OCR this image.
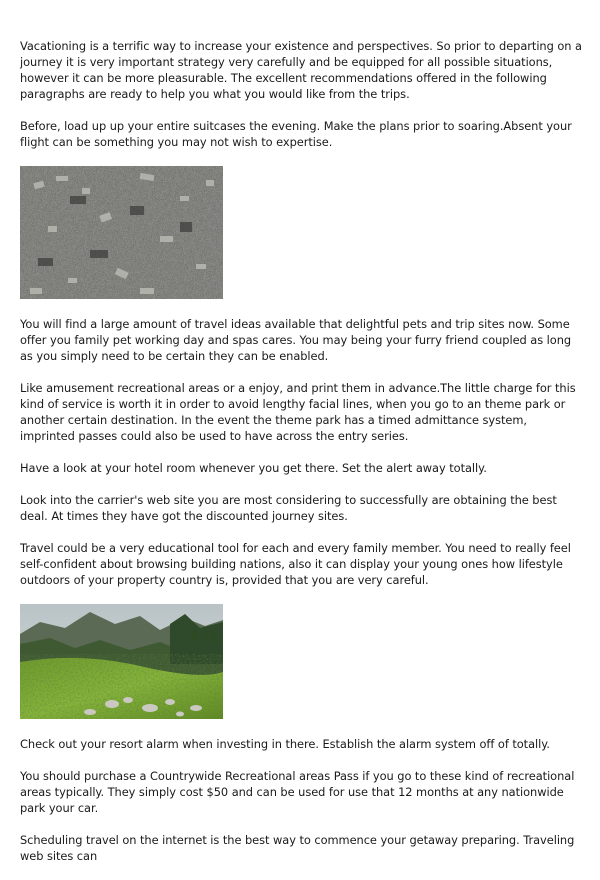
Vacationing is a terrific way to increase your existence and perspectives. So prior to departing on a journey it is very important strategy very carefully and be equipped for all possible situations, however it can be more pleasurable. The excellent recommendations offered in the following paragraphs are ready to help you what you would like from the trips.

Before, load up up your entire suitcases the evening. Make the plans prior to soaring.Absent your flight can be something you may not wish to expertise.

You will find a large amount of travel ideas available that delightful pets and trip sites now. Some offer you family pet working day and spas cares. You may being your furry friend coupled as long as you simply need to be certain they can be enabled.

Like amusement recreational areas or a enjoy, and print them in advance.The little charge for this kind of service is worth it in order to avoid lengthy facial lines, when you go to an theme park or another certain destination. In the event the theme park has a timed admittance system, imprinted passes could also be used to have across the entry series.

Have a look at your hotel room whenever you get there. Set the alert away totally.

Look into the carrier's web site you are most considering to successfully are obtaining the best deal. At times they have got the discounted journey sites.

Travel could be a very educational tool for each and every family member. You need to really feel self-confident about browsing building nations, also it can display your young ones how lifestyle outdoors of your property country is, provided that you are very careful.

Check out your resort alarm when investing in there. Establish the alarm system off of totally.

You should purchase a Countrywide Recreational areas Pass if you go to these kind of recreational areas typically. They simply cost $50 and can be used for use that 12 months at any nationwide park your car.

Scheduling travel on the internet is the best way to commence your getaway preparing. Traveling web sites can
